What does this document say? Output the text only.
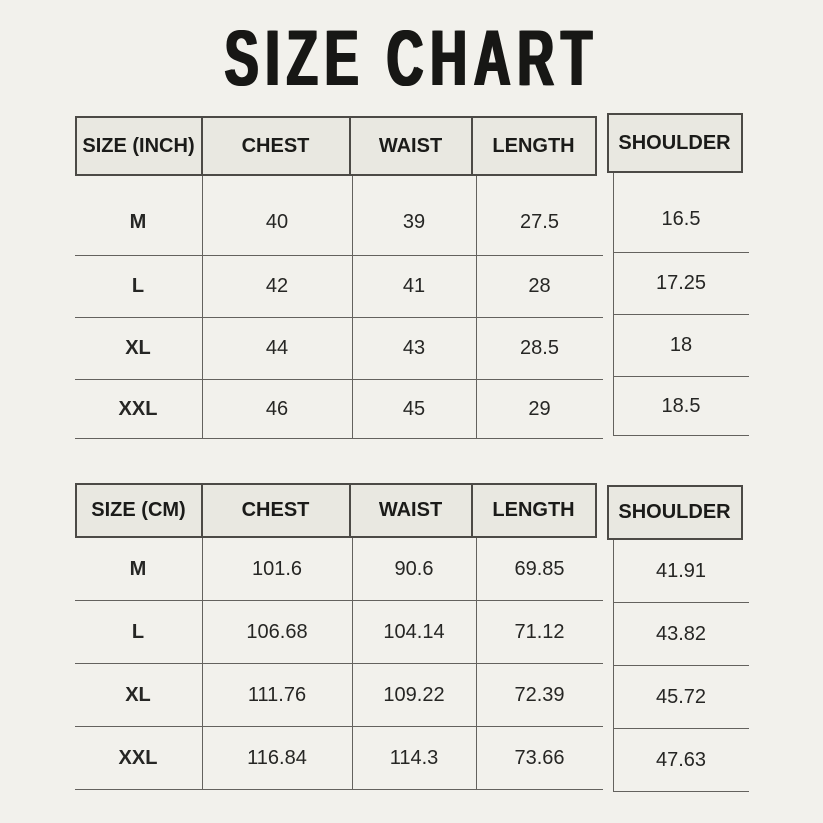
SIZE CHART
SIZE (INCH)	CHEST	WAIST	LENGTH	SHOULDER
M	40	39	27.5	16.5
L	42	41	28	17.25
XL	44	43	28.5	18
XXL	46	45	29	18.5
SIZE (CM)	CHEST	WAIST	LENGTH	SHOULDER
M	101.6	90.6	69.85	41.91
L	106.68	104.14	71.12	43.82
XL	111.76	109.22	72.39	45.72
XXL	116.84	114.3	73.66	47.63
